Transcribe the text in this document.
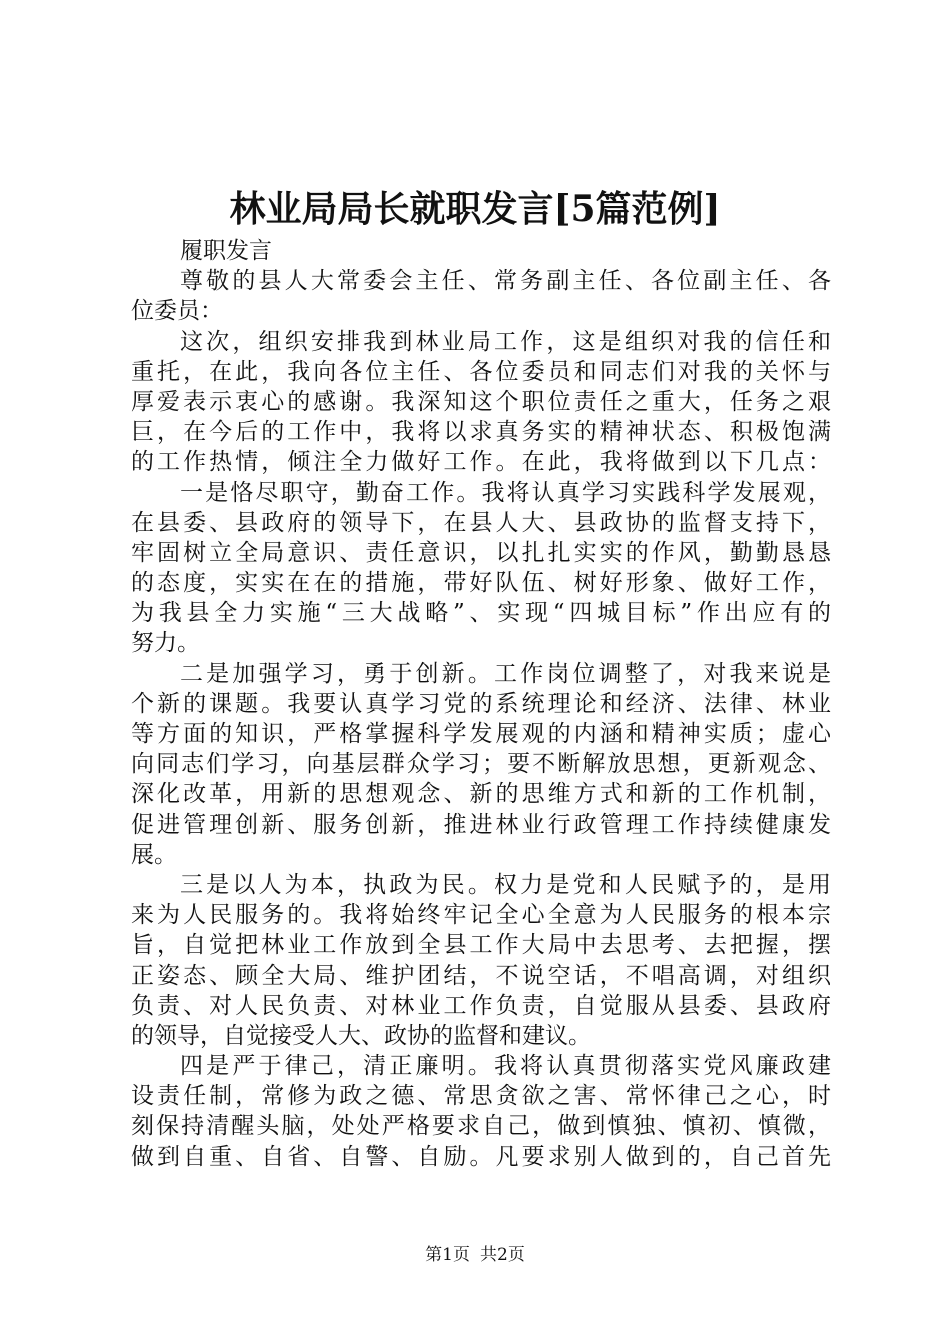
林业局局长就职发言[5篇范例]
履职发言
尊敬的县人大常委会主任、常务副主任、各位副主任、各
位委员：
这次，组织安排我到林业局工作，这是组织对我的信任和
重托，在此，我向各位主任、各位委员和同志们对我的关怀与
厚爱表示衷心的感谢。我深知这个职位责任之重大，任务之艰
巨，在今后的工作中，我将以求真务实的精神状态、积极饱满
的工作热情，倾注全力做好工作。在此，我将做到以下几点：
一是恪尽职守，勤奋工作。我将认真学习实践科学发展观，
在县委、县政府的领导下，在县人大、县政协的监督支持下，
牢固树立全局意识、责任意识，以扎扎实实的作风，勤勤恳恳
的态度，实实在在的措施，带好队伍、树好形象、做好工作，
为我县全力实施“三大战略”、实现“四城目标”作出应有的
努力。
二是加强学习，勇于创新。工作岗位调整了，对我来说是
个新的课题。我要认真学习党的系统理论和经济、法律、林业
等方面的知识，严格掌握科学发展观的内涵和精神实质；虚心
向同志们学习，向基层群众学习；要不断解放思想，更新观念、
深化改革，用新的思想观念、新的思维方式和新的工作机制，
促进管理创新、服务创新，推进林业行政管理工作持续健康发
展。
三是以人为本，执政为民。权力是党和人民赋予的，是用
来为人民服务的。我将始终牢记全心全意为人民服务的根本宗
旨，自觉把林业工作放到全县工作大局中去思考、去把握，摆
正姿态、顾全大局、维护团结，不说空话，不唱高调，对组织
负责、对人民负责、对林业工作负责，自觉服从县委、县政府
的领导，自觉接受人大、政协的监督和建议。
四是严于律己，清正廉明。我将认真贯彻落实党风廉政建
设责任制，常修为政之德、常思贪欲之害、常怀律己之心，时
刻保持清醒头脑，处处严格要求自己，做到慎独、慎初、慎微，
做到自重、自省、自警、自励。凡要求别人做到的，自己首先
第1页 共2页
